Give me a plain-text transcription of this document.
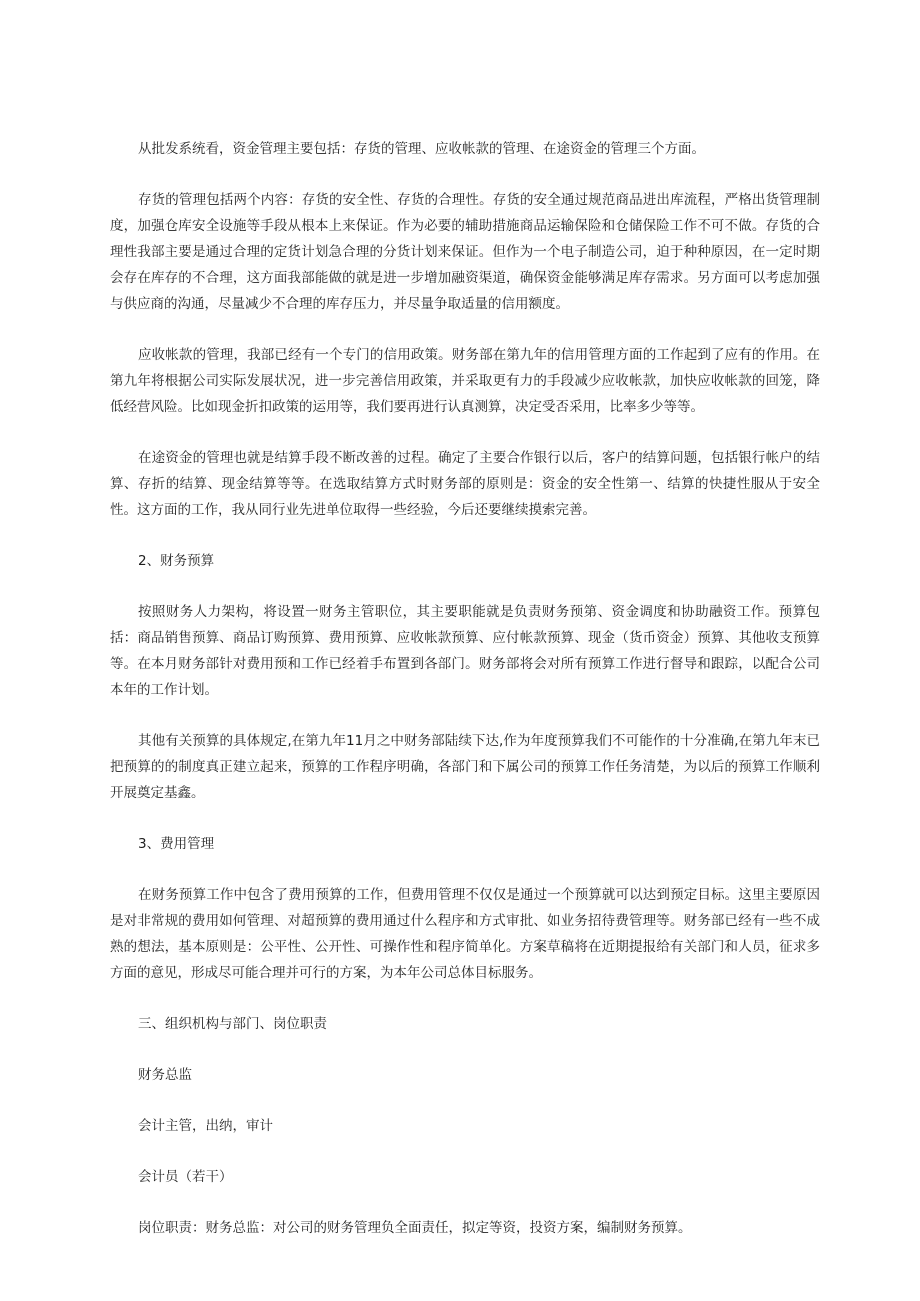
从批发系统看，资金管理主要包括：存货的管理、应收帐款的管理、在途资金的管理三个方面。

存货的管理包括两个内容：存货的安全性、存货的合理性。存货的安全通过规范商品进出库流程，严格出货管理制度，加强仓库安全设施等手段从根本上来保证。作为必要的辅助措施商品运输保险和仓储保险工作不可不做。存货的合理性我部主要是通过合理的定货计划急合理的分货计划来保证。但作为一个电子制造公司，迫于种种原因，在一定时期会存在库存的不合理，这方面我部能做的就是进一步增加融资渠道，确保资金能够满足库存需求。另方面可以考虑加强与供应商的沟通，尽量减少不合理的库存压力，并尽量争取适量的信用额度。

应收帐款的管理，我部已经有一个专门的信用政策。财务部在第九年的信用管理方面的工作起到了应有的作用。在第九年将根据公司实际发展状况，进一步完善信用政策，并采取更有力的手段减少应收帐款，加快应收帐款的回笼，降低经营风险。比如现金折扣政策的运用等，我们要再进行认真测算，决定受否采用，比率多少等等。

在途资金的管理也就是结算手段不断改善的过程。确定了主要合作银行以后，客户的结算问题，包括银行帐户的结算、存折的结算、现金结算等等。在选取结算方式时财务部的原则是：资金的安全性第一、结算的快捷性服从于安全性。这方面的工作，我从同行业先进单位取得一些经验，今后还要继续摸索完善。

2、财务预算

按照财务人力架构，将设置一财务主管职位，其主要职能就是负责财务预第、资金调度和协助融资工作。预算包括：商品销售预算、商品订购预算、费用预算、应收帐款预算、应付帐款预算、现金（货币资金）预算、其他收支预算等。在本月财务部针对费用预和工作已经着手布置到各部门。财务部将会对所有预算工作进行督导和跟踪，以配合公司本年的工作计划。

其他有关预算的具体规定,在第九年11月之中财务部陆续下达,作为年度预算我们不可能作的十分准确,在第九年末已把预算的的制度真正建立起来，预算的工作程序明确，各部门和下属公司的预算工作任务清楚，为以后的预算工作顺利开展奠定基鑫。

3、费用管理

在财务预算工作中包含了费用预算的工作，但费用管理不仅仅是通过一个预算就可以达到预定目标。这里主要原因是对非常规的费用如何管理、对超预算的费用通过什么程序和方式审批、如业务招待费管理等。财务部已经有一些不成熟的想法，基本原则是：公平性、公开性、可操作性和程序简单化。方案草稿将在近期提报给有关部门和人员，征求多方面的意见，形成尽可能合理并可行的方案，为本年公司总体目标服务。

三、组织机构与部门、岗位职责

财务总监

会计主管，出纳，审计

会计员（若干）

岗位职责：财务总监：对公司的财务管理负全面责任，拟定等资，投资方案，编制财务预算。
